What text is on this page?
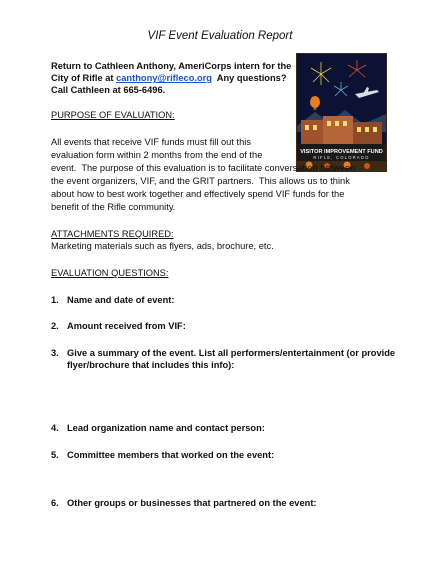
VIF Event Evaluation Report
Return to Cathleen Anthony, AmeriCorps intern for the
City of Rifle at canthony@rifleco.org  Any questions?
Call Cathleen at 665-6496.
VISITOR IMPROVEMENT FUND
RIFLE, COLORADO
PURPOSE OF EVALUATION:
All events that receive VIF funds must fill out this
evaluation form within 2 months from the end of the
event.  The purpose of this evaluation is to facilitate conversation between
the event organizers, VIF, and the GRIT partners.  This allows us to think
about how to best work together and effectively spend VIF funds for the
benefit of the Rifle community.
ATTACHMENTS REQUIRED:
Marketing materials such as flyers, ads, brochure, etc.
EVALUATION QUESTIONS:
1. Name and date of event:
2. Amount received from VIF:
3. Give a summary of the event. List all performers/entertainment (or provide
flyer/brochure that includes this info):
4. Lead organization name and contact person:
5. Committee members that worked on the event:
6. Other groups or businesses that partnered on the event:
